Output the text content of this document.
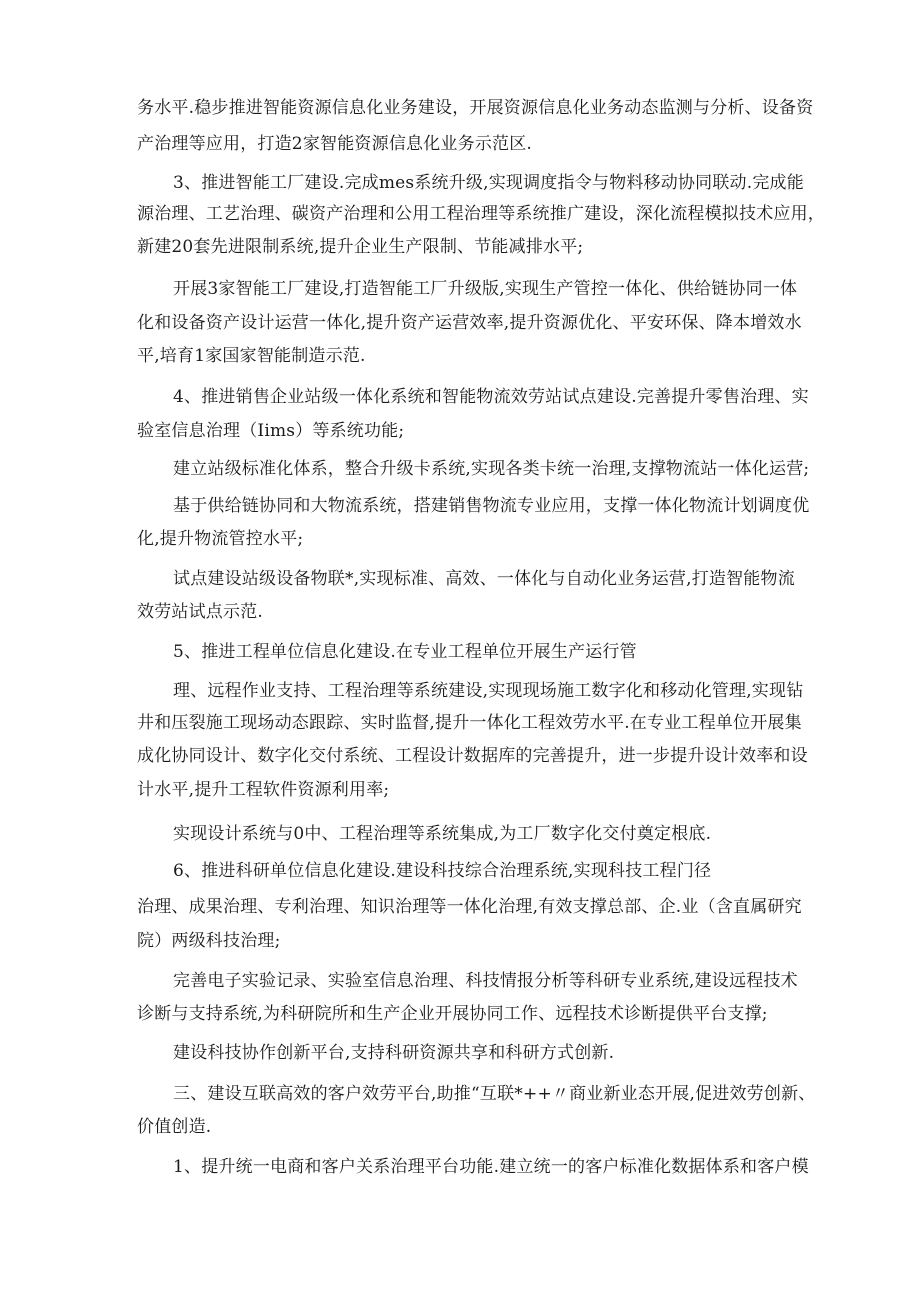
务水平.稳步推进智能资源信息化业务建设，开展资源信息化业务动态监测与分析、设备资
产治理等应用，打造2家智能资源信息化业务示范区.
3、推进智能工厂建设.完成mes系统升级,实现调度指令与物料移动协同联动.完成能
源治理、工艺治理、碳资产治理和公用工程治理等系统推广建设，深化流程模拟技术应用，
新建20套先进限制系统,提升企业生产限制、节能减排水平;
开展3家智能工厂建设,打造智能工厂升级版,实现生产管控一体化、供给链协同一体
化和设备资产设计运营一体化,提升资产运营效率,提升资源优化、平安环保、降本增效水
平,培育1家国家智能制造示范.
4、推进销售企业站级一体化系统和智能物流效劳站试点建设.完善提升零售治理、实
验室信息治理（Iims）等系统功能;
建立站级标准化体系，整合升级卡系统,实现各类卡统一治理,支撑物流站一体化运营;
基于供给链协同和大物流系统，搭建销售物流专业应用，支撑一体化物流计划调度优
化,提升物流管控水平;
试点建设站级设备物联*,实现标准、高效、一体化与自动化业务运营,打造智能物流
效劳站试点示范.
5、推进工程单位信息化建设.在专业工程单位开展生产运行管
理、远程作业支持、工程治理等系统建设,实现现场施工数字化和移动化管理,实现钻
井和压裂施工现场动态跟踪、实时监督,提升一体化工程效劳水平.在专业工程单位开展集
成化协同设计、数字化交付系统、工程设计数据库的完善提升，进一步提升设计效率和设
计水平,提升工程软件资源利用率;
实现设计系统与0中、工程治理等系统集成,为工厂数字化交付奠定根底.
6、推进科研单位信息化建设.建设科技综合治理系统,实现科技工程门径
治理、成果治理、专利治理、知识治理等一体化治理,有效支撑总部、企.业（含直属研究
院）两级科技治理;
完善电子实验记录、实验室信息治理、科技情报分析等科研专业系统,建设远程技术
诊断与支持系统,为科研院所和生产企业开展协同工作、远程技术诊断提供平台支撑;
建设科技协作创新平台,支持科研资源共享和科研方式创新.
三、建设互联高效的客户效劳平台,助推“互联*++〃商业新业态开展,促进效劳创新、
价值创造.
1、提升统一电商和客户关系治理平台功能.建立统一的客户标准化数据体系和客户模
